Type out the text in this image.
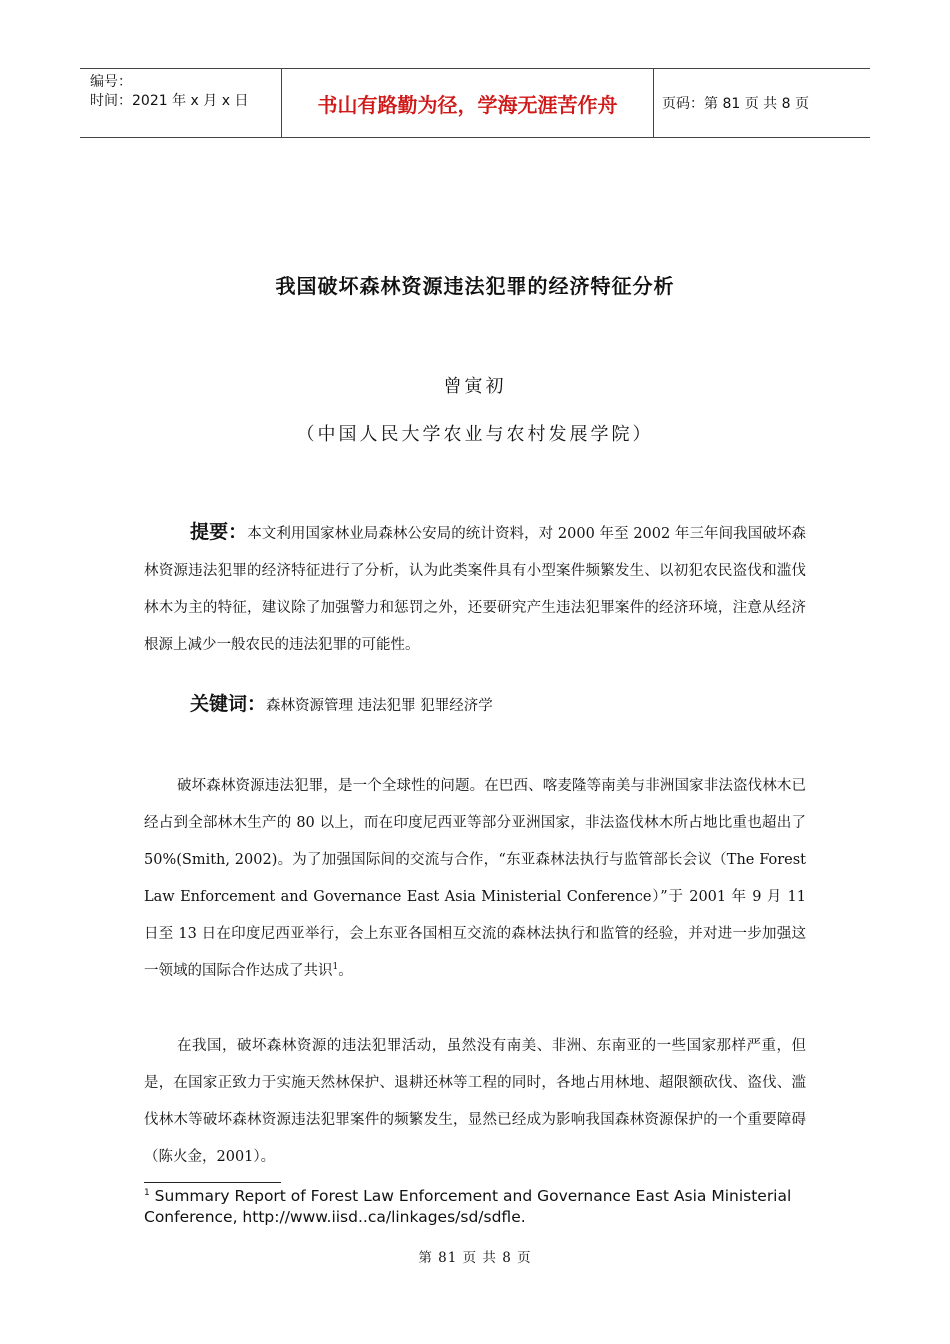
编号：
时间：2021 年 x 月 x 日	书山有路勤为径，学海无涯苦作舟	页码：第 81 页 共 8 页
我国破坏森林资源违法犯罪的经济特征分析
曾寅初
（中国人民大学农业与农村发展学院）
提要：本文利用国家林业局森林公安局的统计资料，对 2000 年至 2002 年三年间我国破坏森林资源违法犯罪的经济特征进行了分析，认为此类案件具有小型案件频繁发生、以初犯农民盗伐和滥伐林木为主的特征，建议除了加强警力和惩罚之外，还要研究产生违法犯罪案件的经济环境，注意从经济根源上减少一般农民的违法犯罪的可能性。
关键词：森林资源管理 违法犯罪 犯罪经济学
破坏森林资源违法犯罪，是一个全球性的问题。在巴西、喀麦隆等南美与非洲国家非法盗伐林木已经占到全部林木生产的 80 以上，而在印度尼西亚等部分亚洲国家，非法盗伐林木所占地比重也超出了 50%(Smith, 2002)。为了加强国际间的交流与合作，“东亚森林法执行与监管部长会议（The Forest Law Enforcement and Governance East Asia Ministerial Conference）”于 2001 年 9 月 11 日至 13 日在印度尼西亚举行，会上东亚各国相互交流的森林法执行和监管的经验，并对进一步加强这一领域的国际合作达成了共识$^1$。
在我国，破坏森林资源的违法犯罪活动，虽然没有南美、非洲、东南亚的一些国家那样严重，但是，在国家正致力于实施天然林保护、退耕还林等工程的同时，各地占用林地、超限额砍伐、盗伐、滥伐林木等破坏森林资源违法犯罪案件的频繁发生，显然已经成为影响我国森林资源保护的一个重要障碍（陈火金，2001）。
$^1$ Summary Report of Forest Law Enforcement and Governance East Asia Ministerial Conference, http://www.iisd..ca/linkages/sd/sdfle.
第 81 页 共 8 页
